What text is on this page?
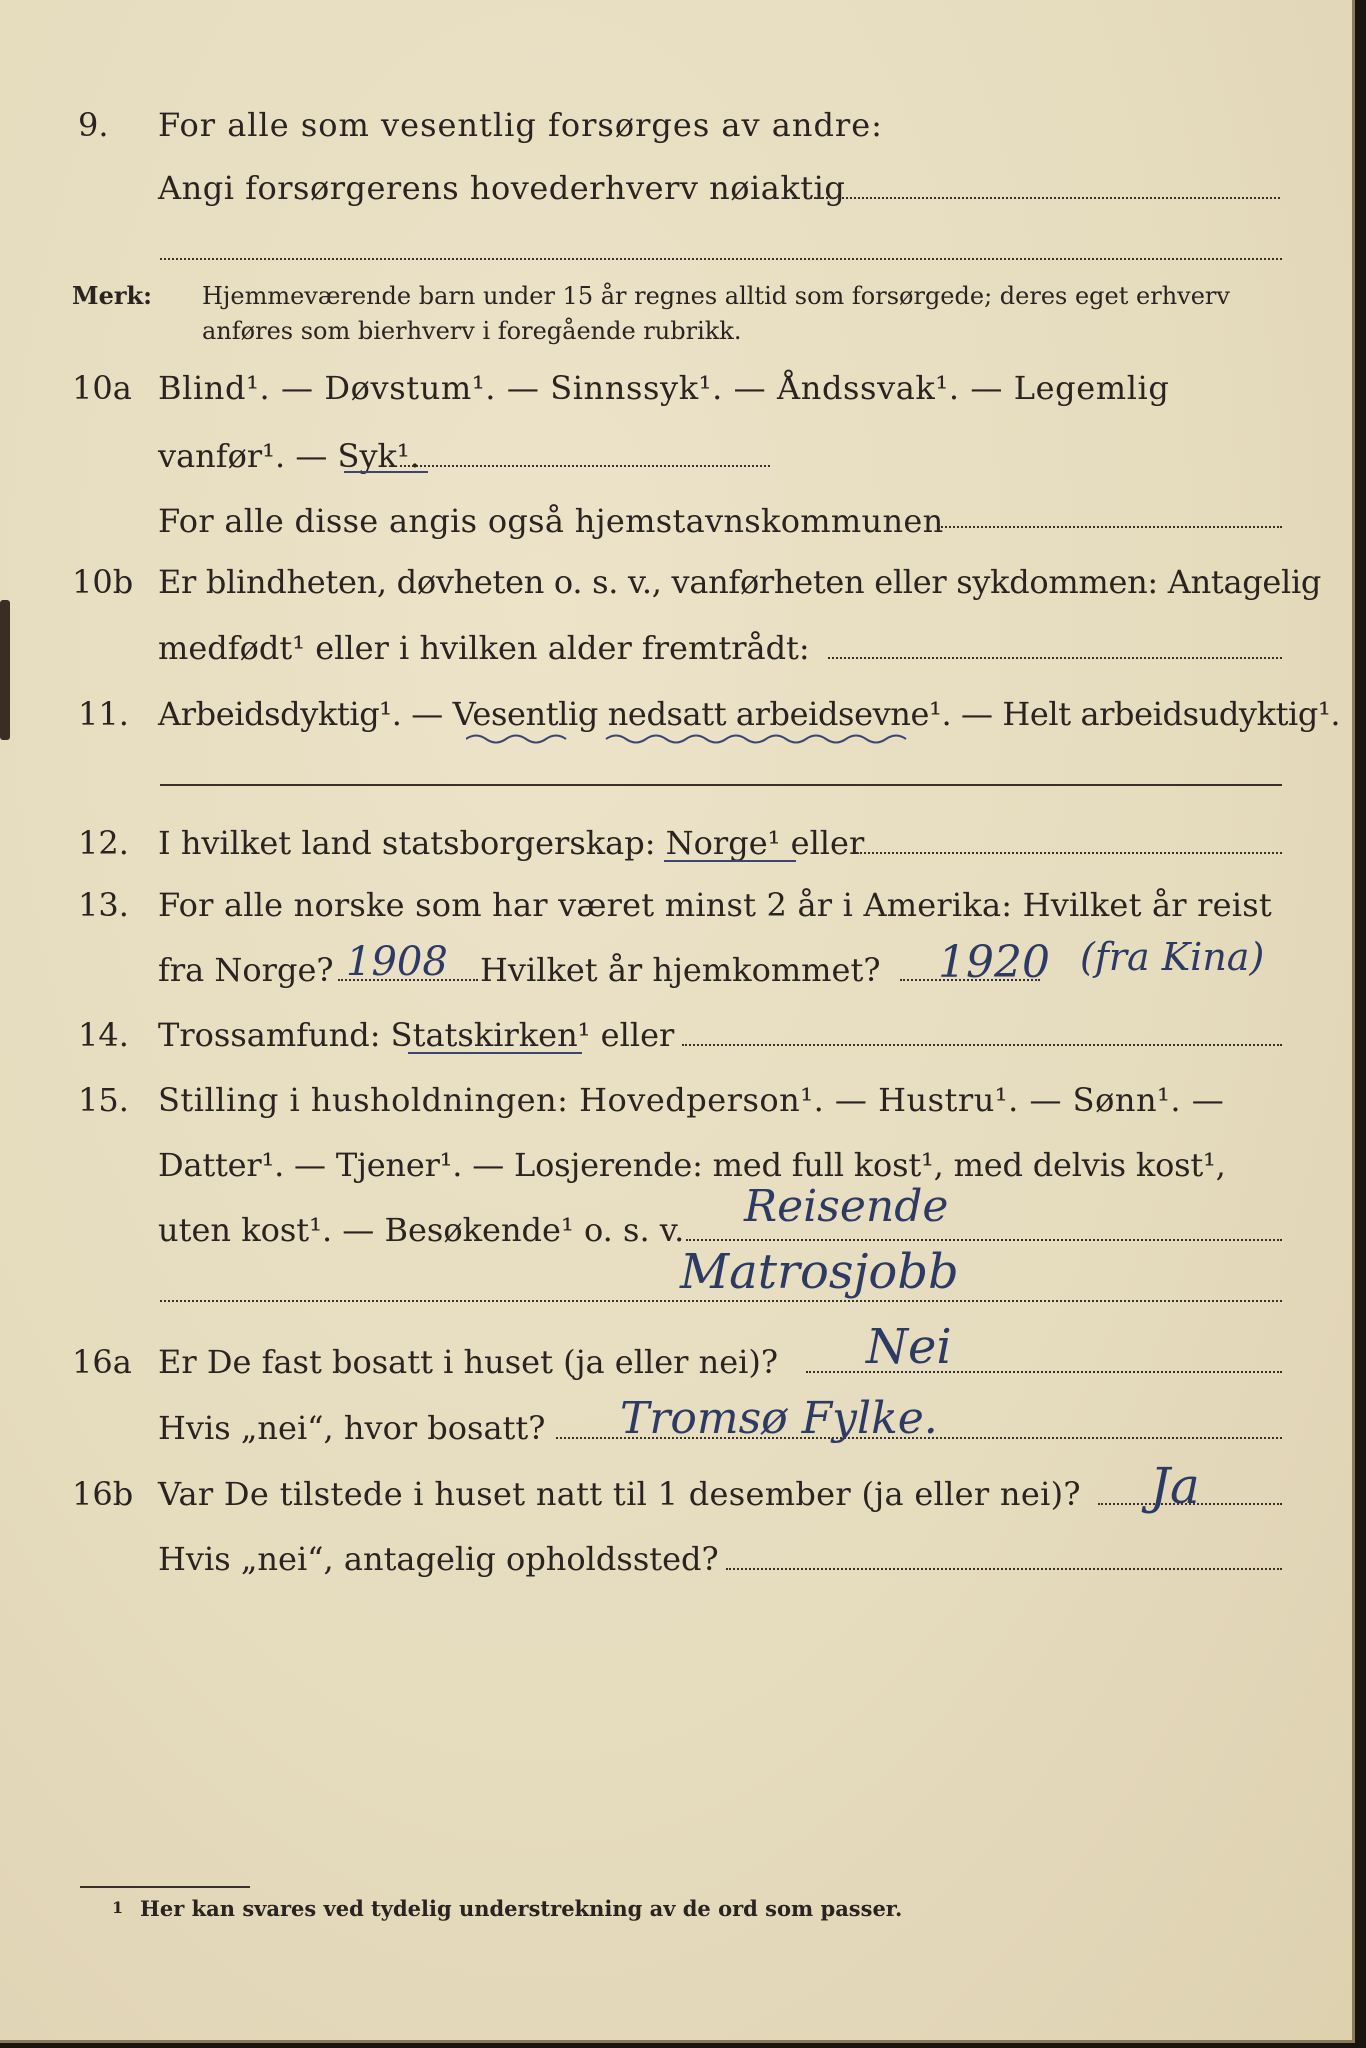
9. For alle som vesentlig forsørges av andre:
Angi forsørgerens hovederhverv nøiaktig
Merk: Hjemmeværende barn under 15 år regnes alltid som forsørgede; deres eget erhverv
anføres som bierhverv i foregående rubrikk.
10a Blind¹. — Døvstum¹. — Sinnssyk¹. — Åndssvak¹. — Legemlig
vanfør¹. — Syk¹.
For alle disse angis også hjemstavnskommunen
10b Er blindheten, døvheten o. s. v., vanførheten eller sykdommen: Antagelig
medfødt¹ eller i hvilken alder fremtrådt:
11. Arbeidsdyktig¹. — Vesentlig nedsatt arbeidsevne¹. — Helt arbeidsudyktig¹.
12. I hvilket land statsborgerskap: Norge¹ eller
13. For alle norske som har været minst 2 år i Amerika: Hvilket år reist
fra Norge? 1908 Hvilket år hjemkommet? 1920 (fra Kina)
14. Trossamfund: Statskirken¹ eller
15. Stilling i husholdningen: Hovedperson¹. — Hustru¹. — Sønn¹. —
Datter¹. — Tjener¹. — Losjerende: med full kost¹, med delvis kost¹,
uten kost¹. — Besøkende¹ o. s. v. Reisende
Matrosjobb
16a Er De fast bosatt i huset (ja eller nei)? Nei
Hvis „nei“, hvor bosatt? Tromsø Fylke.
16b Var De tilstede i huset natt til 1 desember (ja eller nei)? Ja
Hvis „nei“, antagelig opholdssted?
1 Her kan svares ved tydelig understrekning av de ord som passer.
